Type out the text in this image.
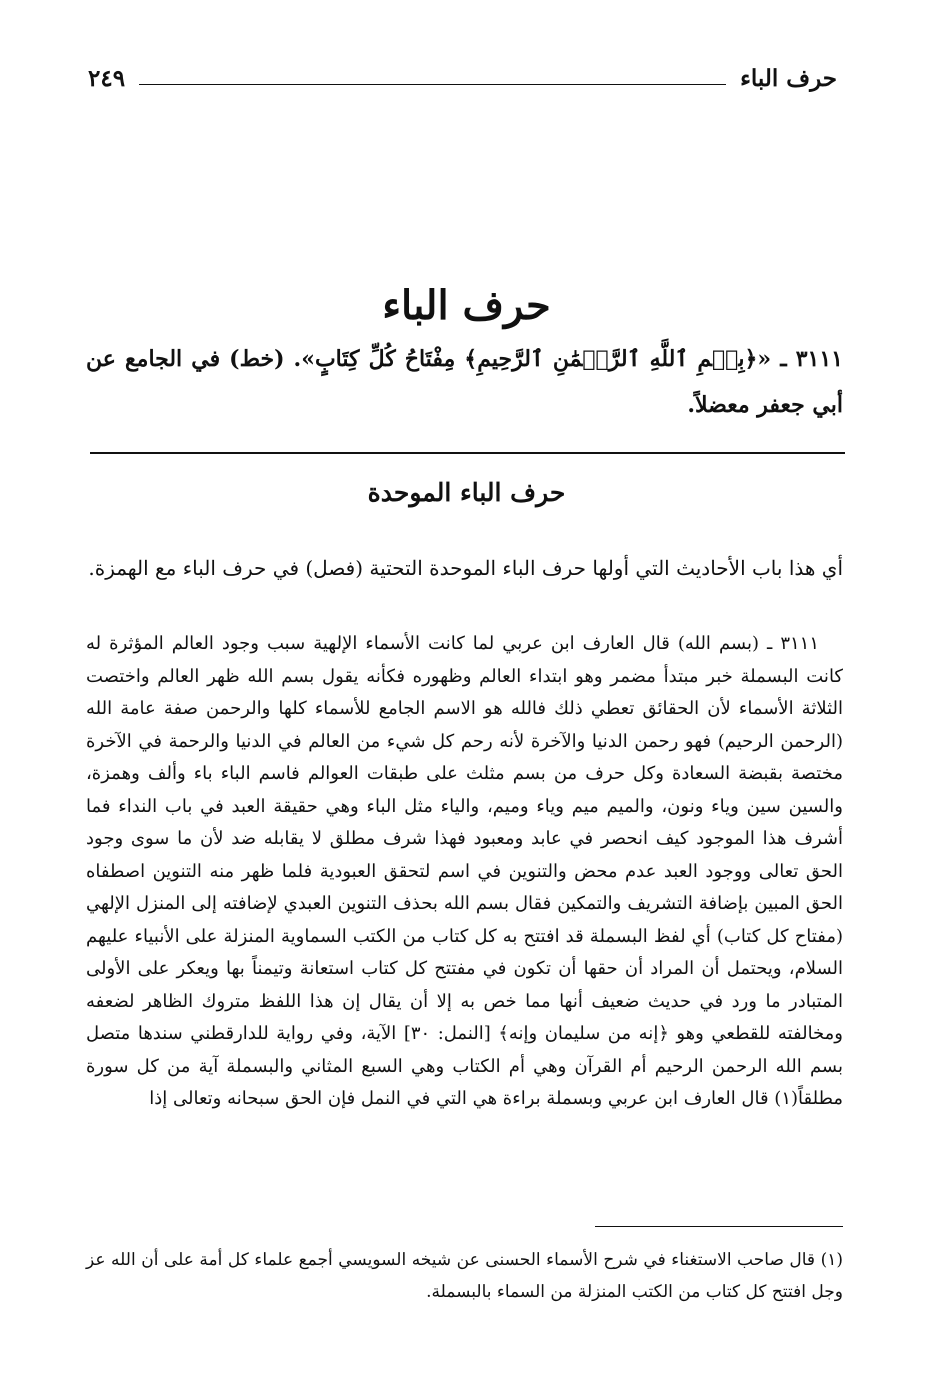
حرف الباء
٢٤٩
حرف الباء

٣١١١ ـ «﴿بِسۡمِ ٱللَّهِ ٱلرَّحۡمَٰنِ ٱلرَّحِيمِ﴾ مِفْتَاحُ كُلِّ كِتَابٍ». (خط) في الجامع عن أبي جعفر معضلاً.

حرف الباء الموحدة

أي هذا باب الأحاديث التي أولها حرف الباء الموحدة التحتية (فصل) في حرف الباء مع الهمزة.

٣١١١ ـ (بسم الله) قال العارف ابن عربي لما كانت الأسماء الإلهية سبب وجود العالم المؤثرة له كانت البسملة خبر مبتدأ مضمر وهو ابتداء العالم وظهوره فكأنه يقول بسم الله ظهر العالم واختصت الثلاثة الأسماء لأن الحقائق تعطي ذلك فالله هو الاسم الجامع للأسماء كلها والرحمن صفة عامة الله (الرحمن الرحيم) فهو رحمن الدنيا والآخرة لأنه رحم كل شيء من العالم في الدنيا والرحمة في الآخرة مختصة بقبضة السعادة وكل حرف من بسم مثلث على طبقات العوالم فاسم الباء باء وألف وهمزة، والسين سين وياء ونون، والميم ميم وياء وميم، والياء مثل الباء وهي حقيقة العبد في باب النداء فما أشرف هذا الموجود كيف انحصر في عابد ومعبود فهذا شرف مطلق لا يقابله ضد لأن ما سوى وجود الحق تعالى ووجود العبد عدم محض والتنوين في اسم لتحقق العبودية فلما ظهر منه التنوين اصطفاه الحق المبين بإضافة التشريف والتمكين فقال بسم الله بحذف التنوين العبدي لإضافته إلى المنزل الإلهي (مفتاح كل كتاب) أي لفظ البسملة قد افتتح به كل كتاب من الكتب السماوية المنزلة على الأنبياء عليهم السلام، ويحتمل أن المراد أن حقها أن تكون في مفتتح كل كتاب استعانة وتيمناً بها ويعكر على الأولى المتبادر ما ورد في حديث ضعيف أنها مما خص به إلا أن يقال إن هذا اللفظ متروك الظاهر لضعفه ومخالفته للقطعي وهو ﴿إنه من سليمان وإنه﴾ [النمل: ٣٠] الآية، وفي رواية للدارقطني سندها متصل بسم الله الرحمن الرحيم أم القرآن وهي أم الكتاب وهي السبع المثاني والبسملة آية من كل سورة مطلقاً(١) قال العارف ابن عربي وبسملة براءة هي التي في النمل فإن الحق سبحانه وتعالى إذا

(١) قال صاحب الاستغناء في شرح الأسماء الحسنى عن شيخه السويسي أجمع علماء كل أمة على أن الله عز وجل افتتح كل كتاب من الكتب المنزلة من السماء بالبسملة.
